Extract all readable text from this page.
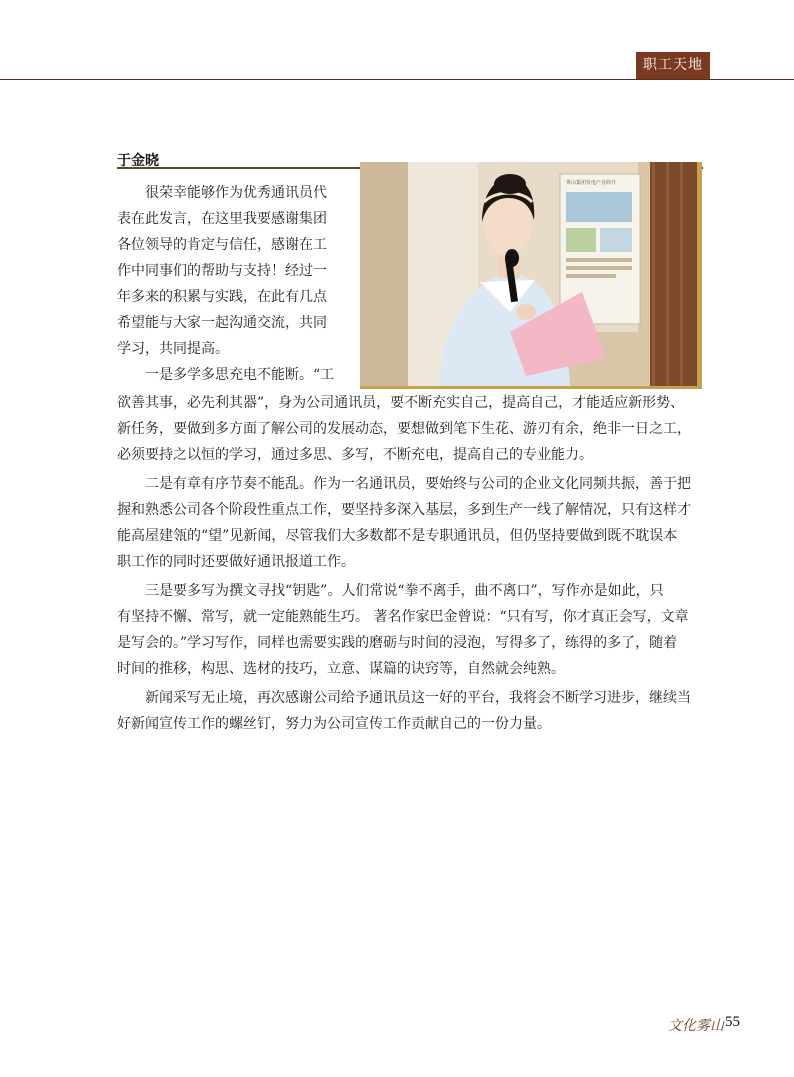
职工天地
于金晓
雾山集团发电产业简介

很荣幸能够作为优秀通讯员代

表在此发言，在这里我要感谢集团

各位领导的肯定与信任，感谢在工

作中同事们的帮助与支持！经过一

年多来的积累与实践，在此有几点

希望能与大家一起沟通交流，共同

学习，共同提高。

一是多学多思充电不能断。“工

欲善其事，必先利其器”，身为公司通讯员，要不断充实自己，提高自己，才能适应新形势、

新任务，要做到多方面了解公司的发展动态，要想做到笔下生花、游刃有余，绝非一日之工，

必须要持之以恒的学习，通过多思、多写，不断充电，提高自己的专业能力。

二是有章有序节奏不能乱。作为一名通讯员，要始终与公司的企业文化同频共振，善于把

握和熟悉公司各个阶段性重点工作，要坚持多深入基层，多到生产一线了解情况，只有这样才

能高屋建瓴的“望”见新闻，尽管我们大多数都不是专职通讯员，但仍坚持要做到既不耽误本

职工作的同时还要做好通讯报道工作。

三是要多写为撰文寻找“钥匙”。人们常说“拳不离手，曲不离口”，写作亦是如此，只

有坚持不懈、常写，就一定能熟能生巧。 著名作家巴金曾说：“只有写，你才真正会写，文章

是写会的。”学习写作，同样也需要实践的磨砺与时间的浸泡，写得多了，练得的多了，随着

时间的推移，构思、选材的技巧，立意、谋篇的诀窍等，自然就会纯熟。

新闻采写无止境，再次感谢公司给予通讯员这一好的平台，我将会不断学习进步，继续当

好新闻宣传工作的螺丝钉，努力为公司宣传工作贡献自己的一份力量。

文化雾山 55
